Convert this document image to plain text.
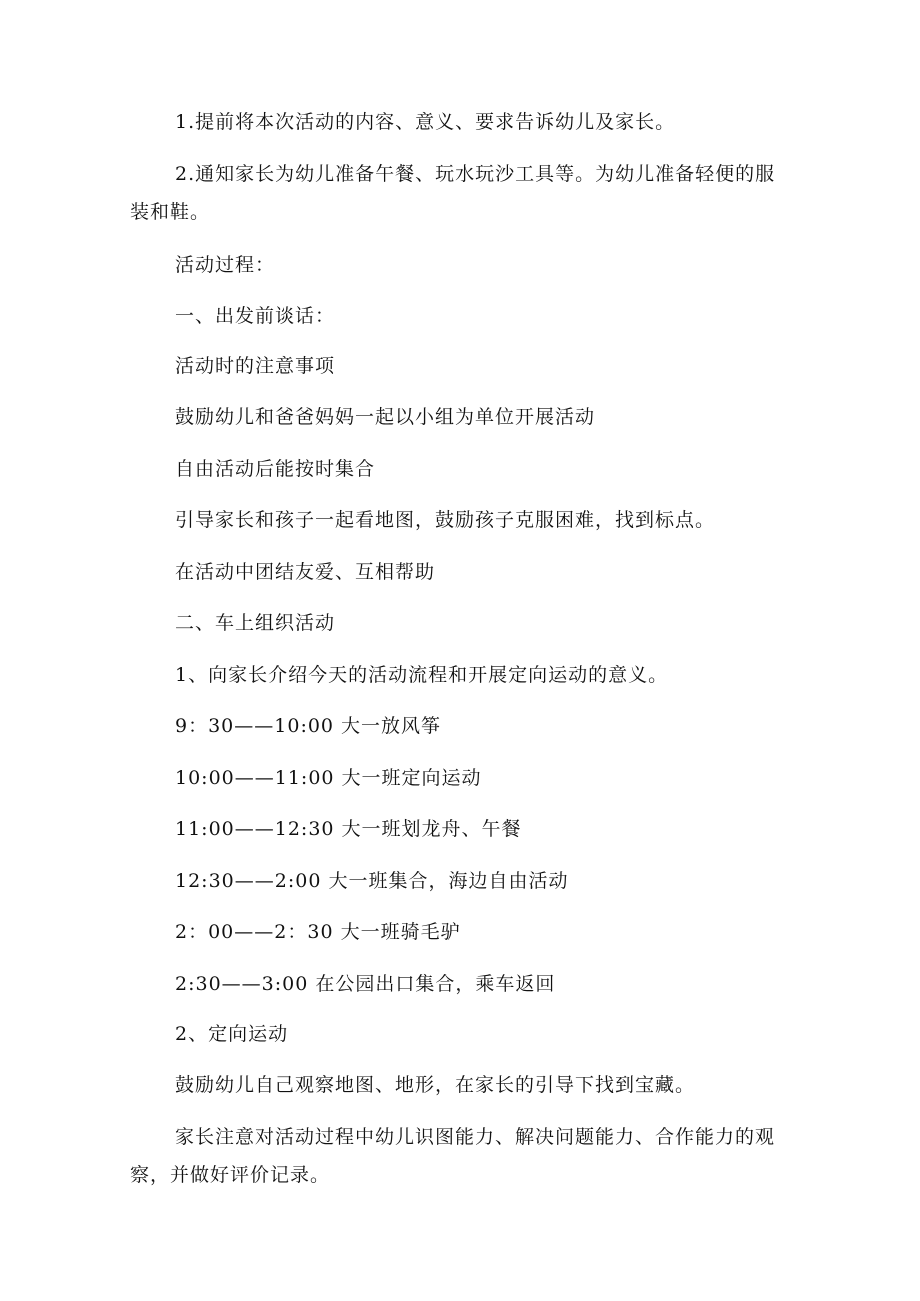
1.提前将本次活动的内容、意义、要求告诉幼儿及家长。
2.通知家长为幼儿准备午餐、玩水玩沙工具等。为幼儿准备轻便的服装和鞋。
活动过程：
一、出发前谈话：
活动时的注意事项
鼓励幼儿和爸爸妈妈一起以小组为单位开展活动
自由活动后能按时集合
引导家长和孩子一起看地图，鼓励孩子克服困难，找到标点。
在活动中团结友爱、互相帮助
二、车上组织活动
1、向家长介绍今天的活动流程和开展定向运动的意义。
9：30——10:00 大一放风筝
10:00——11:00 大一班定向运动
11:00——12:30 大一班划龙舟、午餐
12:30——2:00 大一班集合，海边自由活动
2：00——2：30 大一班骑毛驴
2:30——3:00 在公园出口集合，乘车返回
2、定向运动
鼓励幼儿自己观察地图、地形，在家长的引导下找到宝藏。
家长注意对活动过程中幼儿识图能力、解决问题能力、合作能力的观察，并做好评价记录。
